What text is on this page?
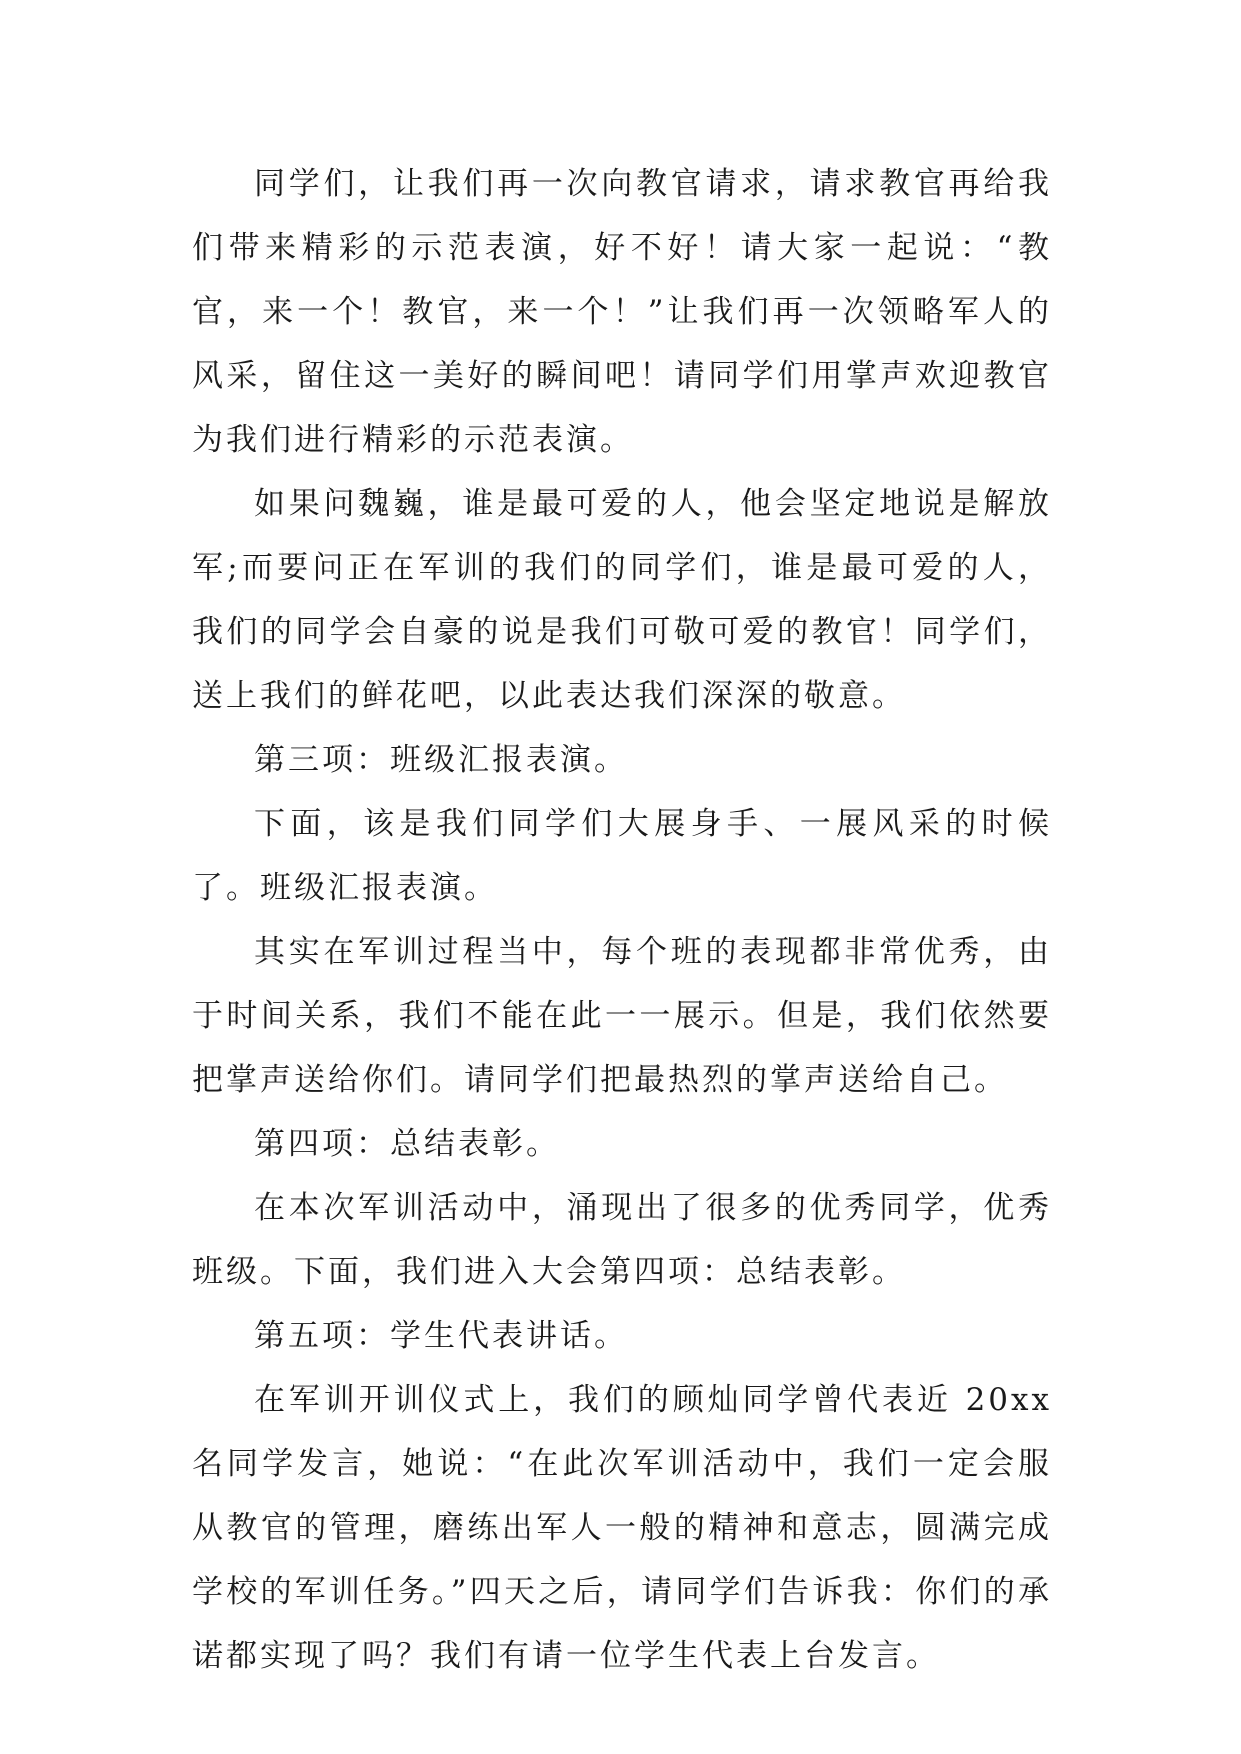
同学们，让我们再一次向教官请求，请求教官再给我们带来精彩的示范表演，好不好！请大家一起说：“教官，来一个！教官，来一个！”让我们再一次领略军人的风采，留住这一美好的瞬间吧！请同学们用掌声欢迎教官为我们进行精彩的示范表演。

如果问魏巍，谁是最可爱的人，他会坚定地说是解放军;而要问正在军训的我们的同学们，谁是最可爱的人，我们的同学会自豪的说是我们可敬可爱的教官！同学们，送上我们的鲜花吧，以此表达我们深深的敬意。

第三项：班级汇报表演。

下面，该是我们同学们大展身手、一展风采的时候了。班级汇报表演。

其实在军训过程当中，每个班的表现都非常优秀，由于时间关系，我们不能在此一一展示。但是，我们依然要把掌声送给你们。请同学们把最热烈的掌声送给自己。

第四项：总结表彰。

在本次军训活动中，涌现出了很多的优秀同学，优秀班级。下面，我们进入大会第四项：总结表彰。

第五项：学生代表讲话。

在军训开训仪式上，我们的顾灿同学曾代表近 20xx 名同学发言，她说：“在此次军训活动中，我们一定会服从教官的管理，磨练出军人一般的精神和意志，圆满完成学校的军训任务。”四天之后，请同学们告诉我：你们的承诺都实现了吗？我们有请一位学生代表上台发言。
